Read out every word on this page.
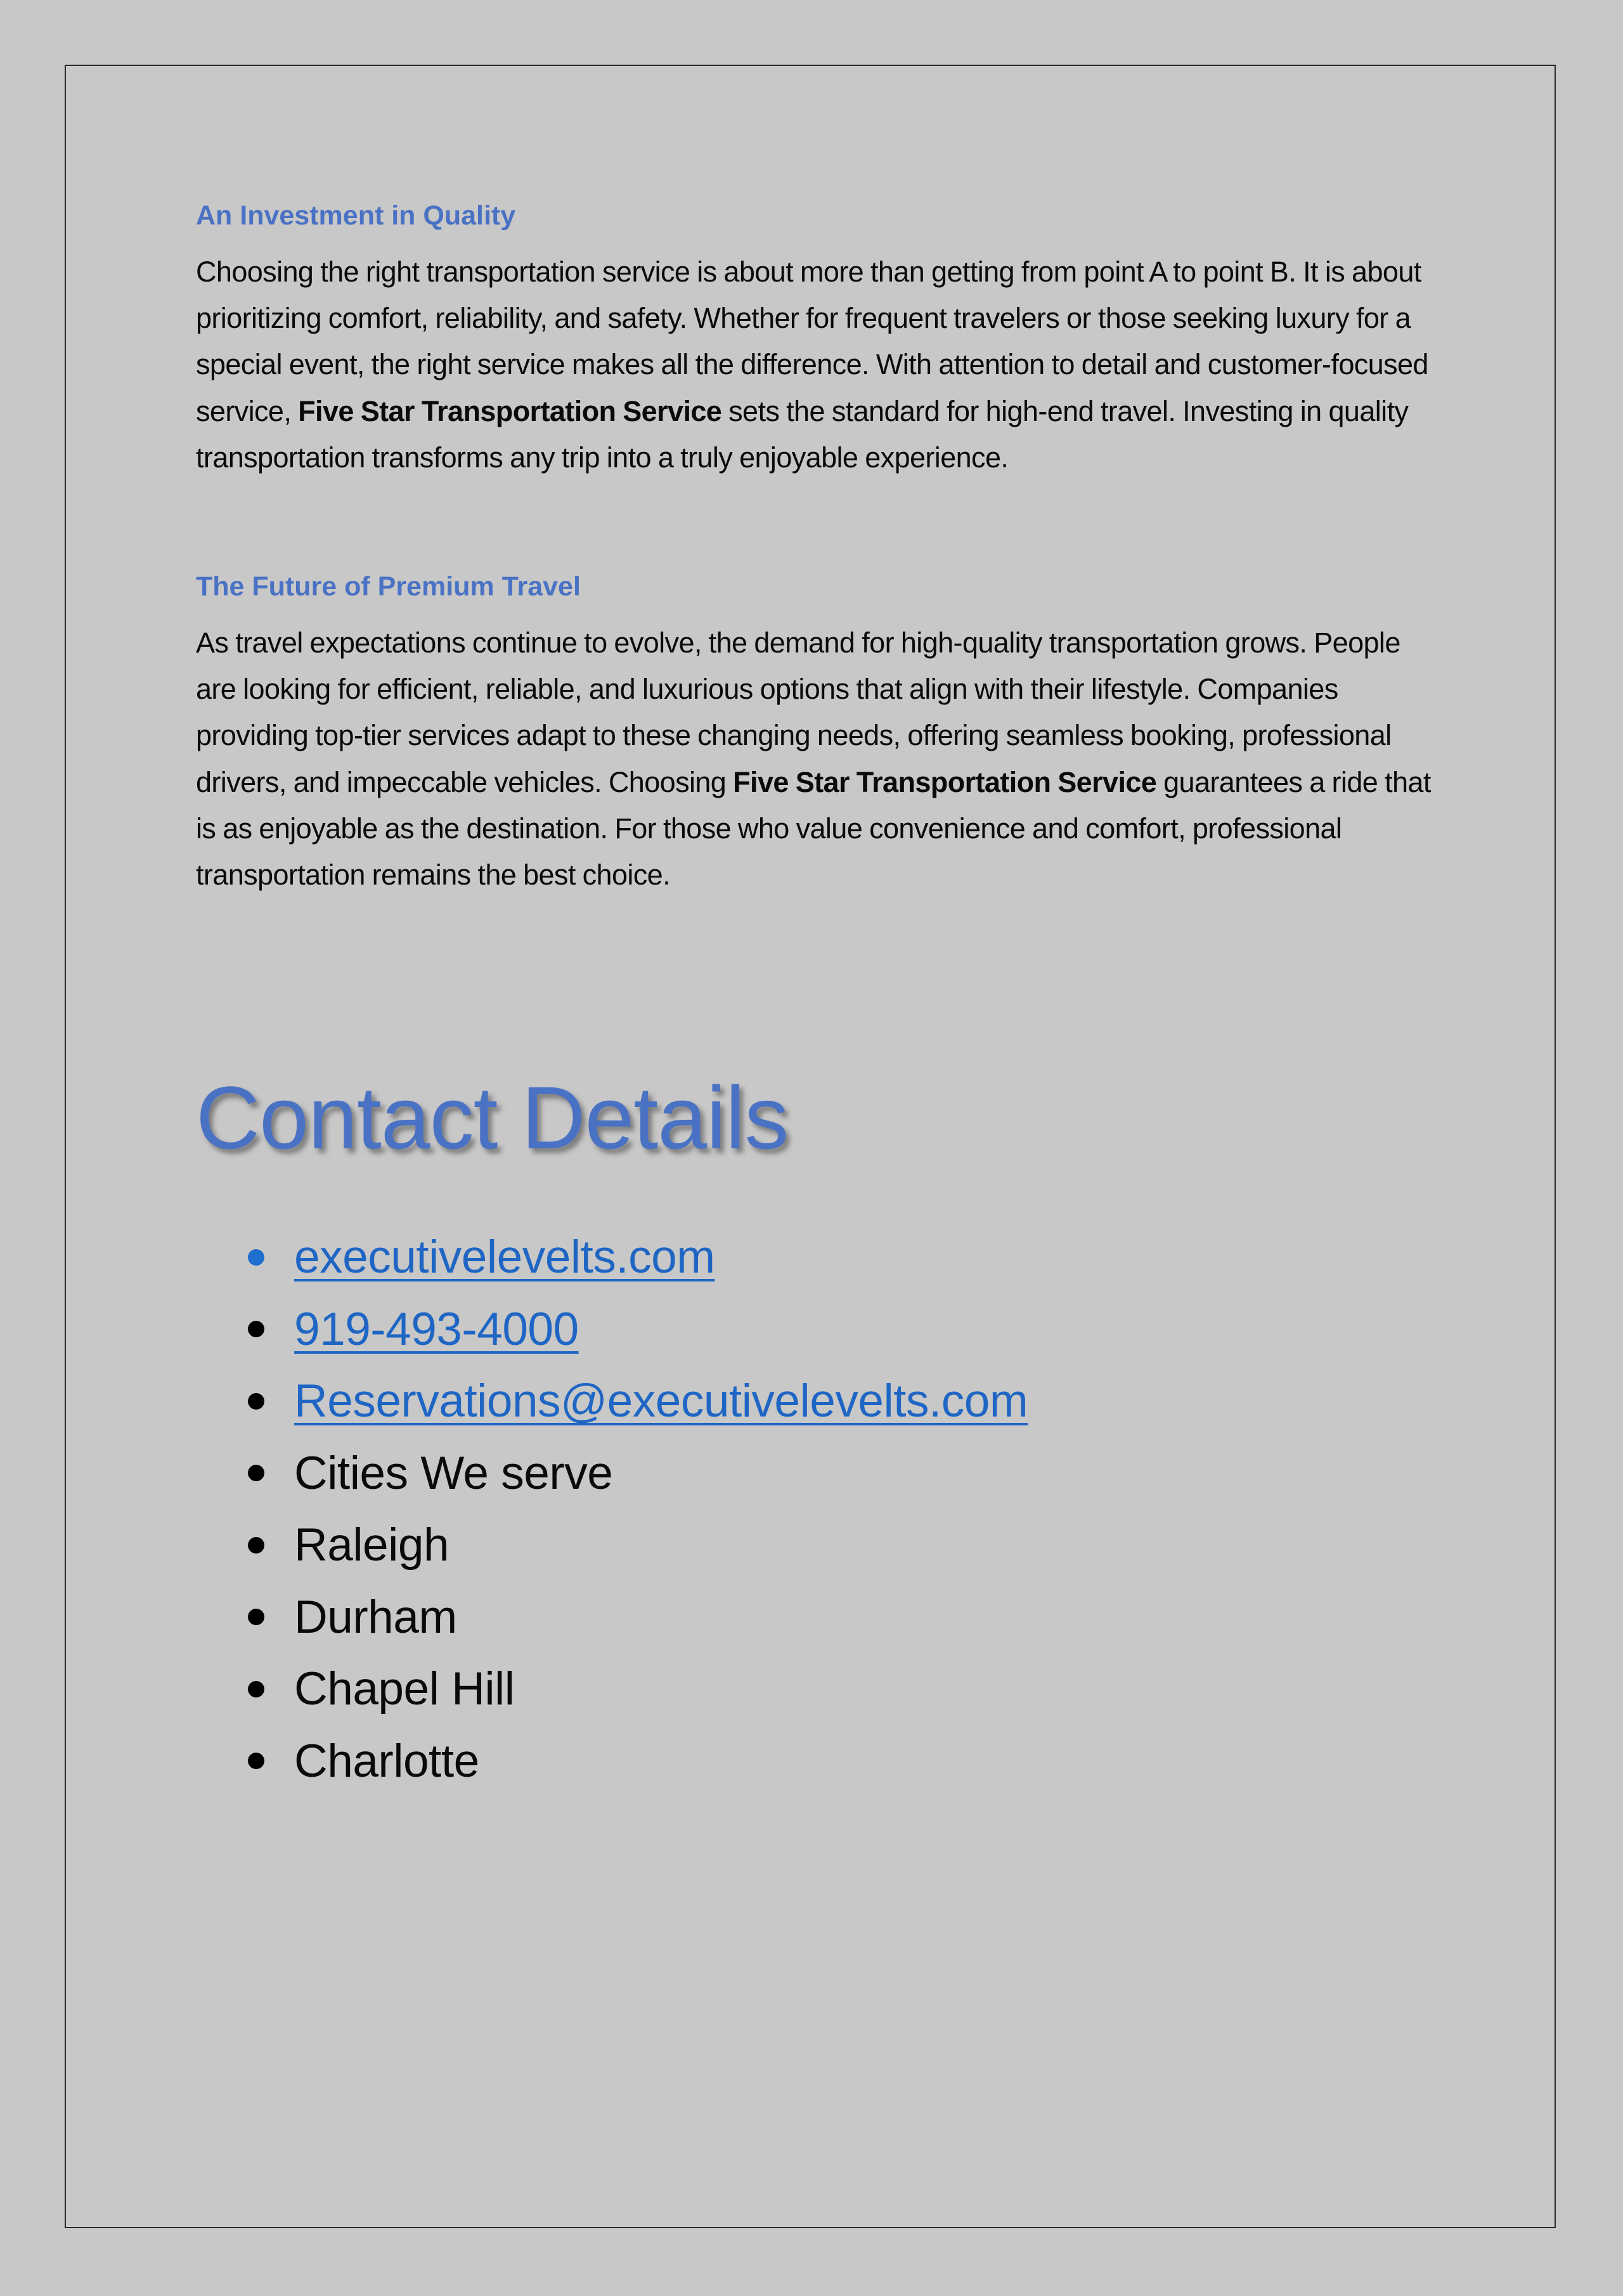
An Investment in Quality

Choosing the right transportation service is about more than getting from point A to point B. It is about prioritizing comfort, reliability, and safety. Whether for frequent travelers or those seeking luxury for a special event, the right service makes all the difference. With attention to detail and customer-focused service, Five Star Transportation Service sets the standard for high-end travel. Investing in quality transportation transforms any trip into a truly enjoyable experience.

The Future of Premium Travel

As travel expectations continue to evolve, the demand for high-quality transportation grows. People are looking for efficient, reliable, and luxurious options that align with their lifestyle. Companies providing top-tier services adapt to these changing needs, offering seamless booking, professional drivers, and impeccable vehicles. Choosing Five Star Transportation Service guarantees a ride that is as enjoyable as the destination. For those who value convenience and comfort, professional transportation remains the best choice.

Contact Details
executivelevelts.com
919-493-4000
Reservations@executivelevelts.com
Cities We serve
Raleigh
Durham
Chapel Hill
Charlotte
